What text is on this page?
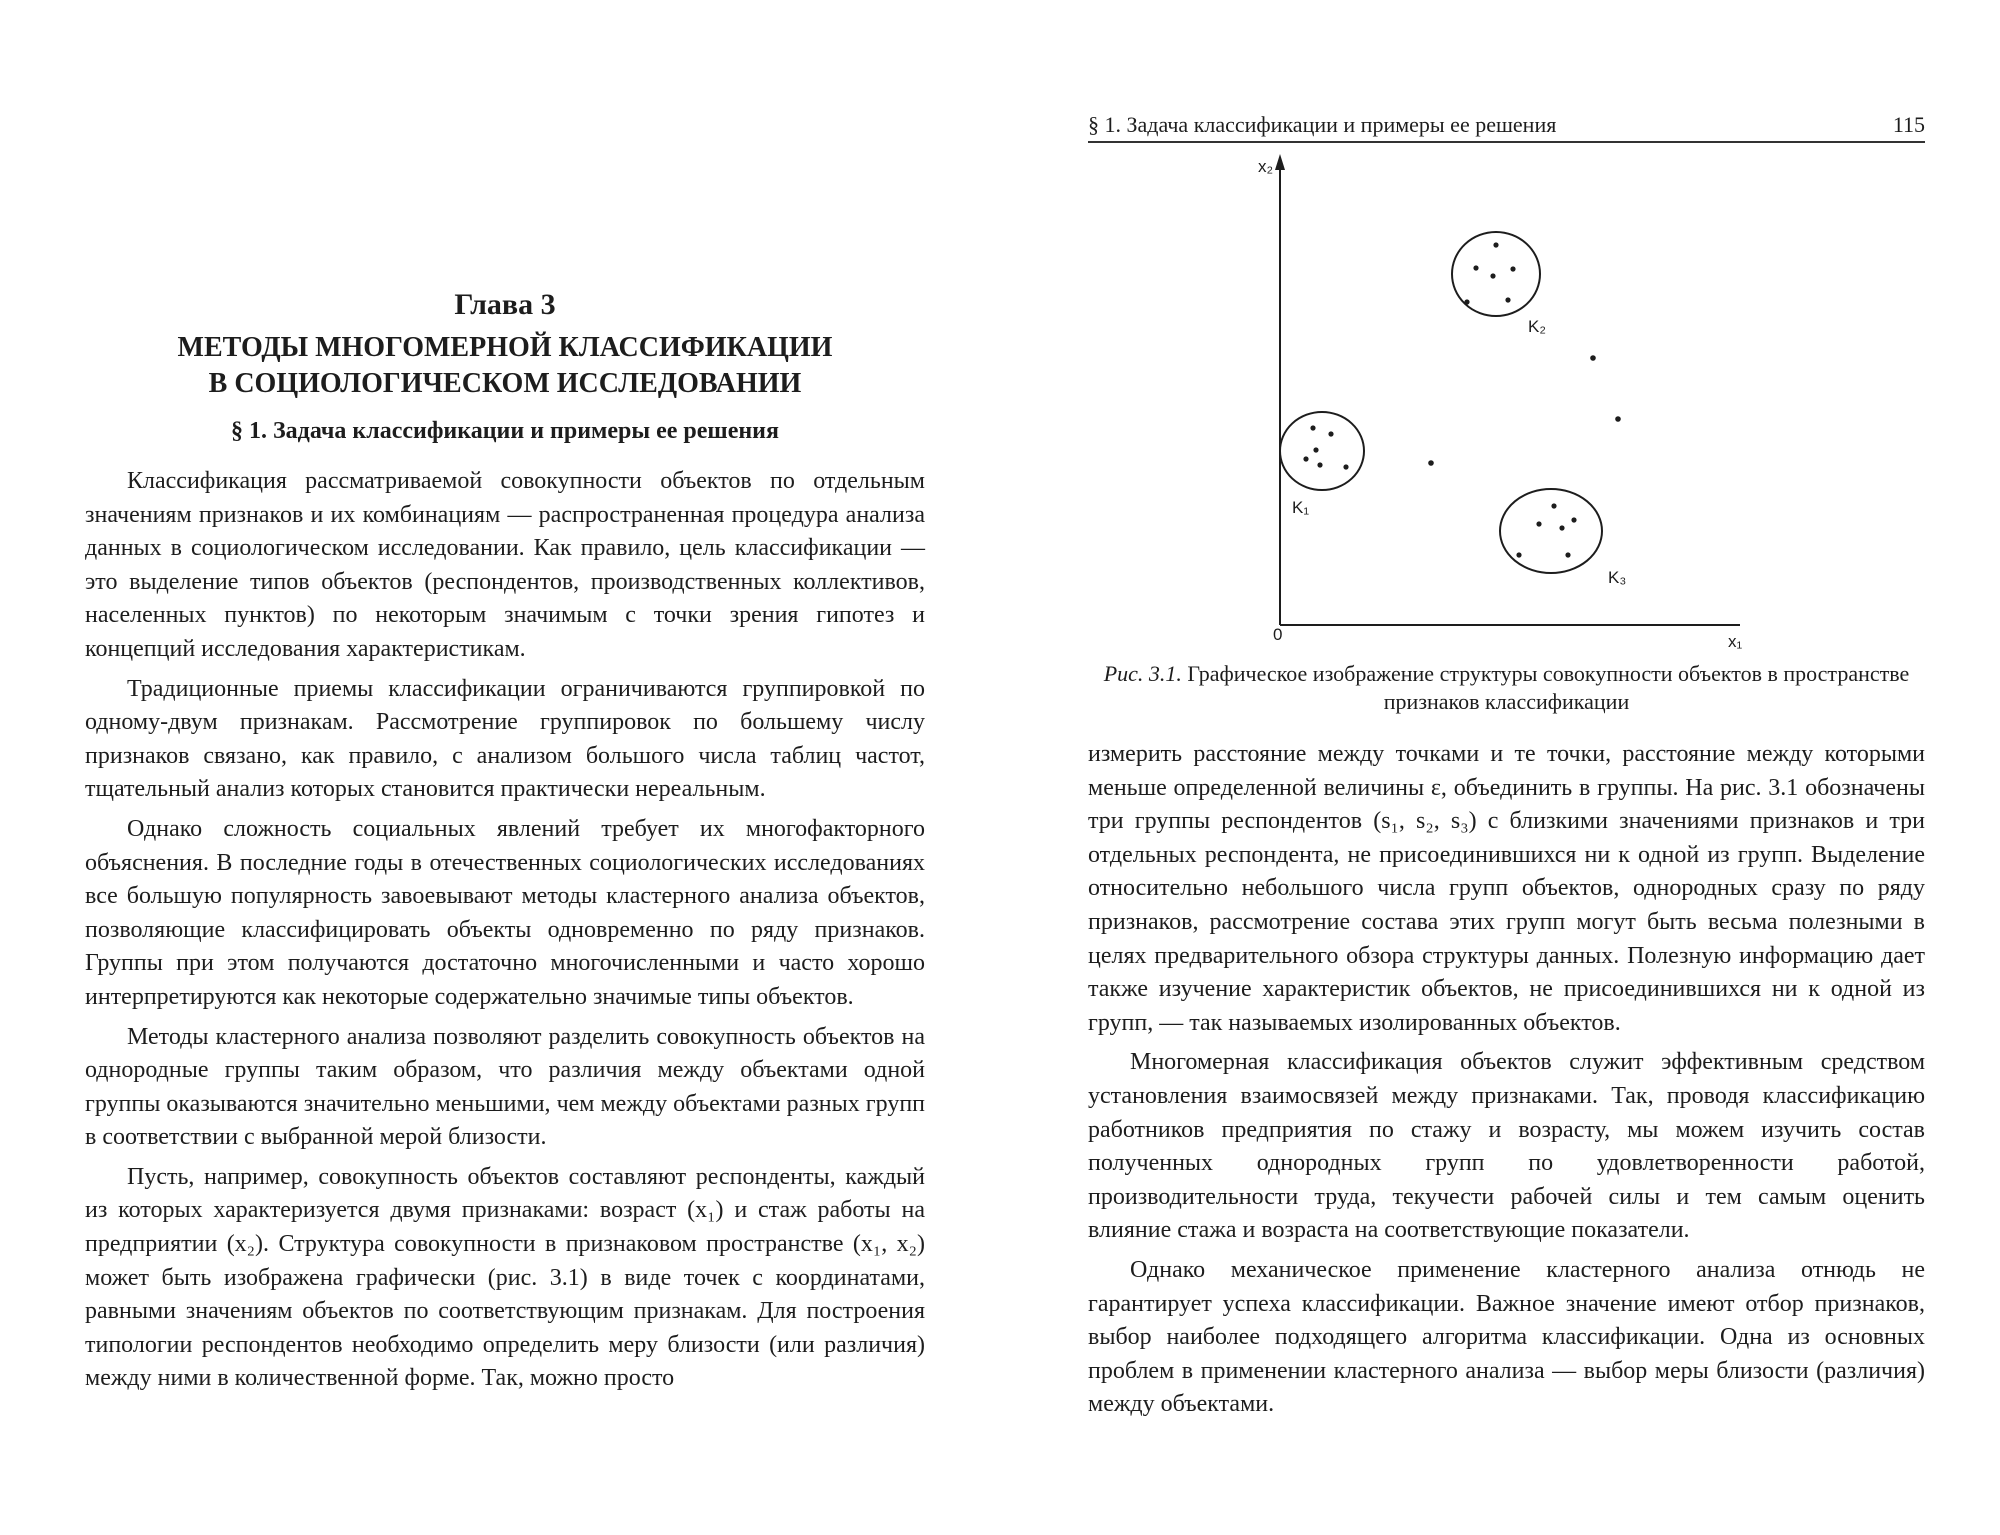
Глава 3
МЕТОДЫ МНОГОМЕРНОЙ КЛАССИФИКАЦИИ
В СОЦИОЛОГИЧЕСКОМ ИССЛЕДОВАНИИ
§ 1. Задача классификации и примеры ее решения

Классификация рассматриваемой совокупности объектов по отдельным значениям признаков и их комбинациям — распространенная процедура анализа данных в социологическом исследовании. Как правило, цель классификации — это выделение типов объектов (респондентов, производственных коллективов, населенных пунктов) по некоторым значимым с точки зрения гипотез и концепций исследования характеристикам.

Традиционные приемы классификации ограничиваются группировкой по одному-двум признакам. Рассмотрение группировок по большему числу признаков связано, как правило, с анализом большого числа таблиц частот, тщательный анализ которых становится практически нереальным.

Однако сложность социальных явлений требует их многофакторного объяснения. В последние годы в отечественных социологических исследованиях все большую популярность завоевывают методы кластерного анализа объектов, позволяющие классифицировать объекты одновременно по ряду признаков. Группы при этом получаются достаточно многочисленными и часто хорошо интерпретируются как некоторые содержательно значимые типы объектов.

Методы кластерного анализа позволяют разделить совокупность объектов на однородные группы таким образом, что различия между объектами одной группы оказываются значительно меньшими, чем между объектами разных групп в соответствии с выбранной мерой близости.

Пусть, например, совокупность объектов составляют респонденты, каждый из которых характеризуется двумя признаками: возраст (x₁) и стаж работы на предприятии (x₂). Структура совокупности в признаковом пространстве (x₁, x₂) может быть изображена графически (рис. 3.1) в виде точек с координатами, равными значениям объектов по соответствующим признакам. Для построения типологии респондентов необходимо определить меру близости (или различия) между ними в количественной форме. Так, можно просто

§ 1. Задача классификации и примеры ее решения	115
x₂
x₁
0
K₂
K₁
K₃
Рис. 3.1. Графическое изображение структуры совокупности объектов в пространстве признаков классификации

измерить расстояние между точками и те точки, расстояние между которыми меньше определенной величины ε, объединить в группы. На рис. 3.1 обозначены три группы респондентов (s₁, s₂, s₃) с близкими значениями признаков и три отдельных респондента, не присоединившихся ни к одной из групп. Выделение относительно небольшого числа групп объектов, однородных сразу по ряду признаков, рассмотрение состава этих групп могут быть весьма полезными в целях предварительного обзора структуры данных. Полезную информацию дает также изучение характеристик объектов, не присоединившихся ни к одной из групп, — так называемых изолированных объектов.

Многомерная классификация объектов служит эффективным средством установления взаимосвязей между признаками. Так, проводя классификацию работников предприятия по стажу и возрасту, мы можем изучить состав полученных однородных групп по удовлетворенности работой, производительности труда, текучести рабочей силы и тем самым оценить влияние стажа и возраста на соответствующие показатели.

Однако механическое применение кластерного анализа отнюдь не гарантирует успеха классификации. Важное значение имеют отбор признаков, выбор наиболее подходящего алгоритма классификации. Одна из основных проблем в применении кластерного анализа — выбор меры близости (различия) между объектами.
